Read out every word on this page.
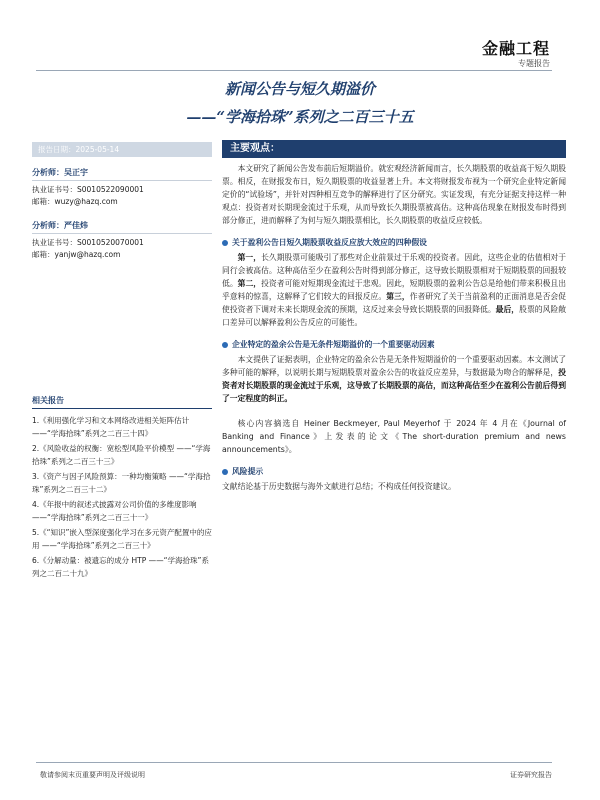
金融工程
专题报告
新闻公告与短久期溢价
——“学海拾珠”系列之二百三十五
报告日期：2025-05-14
分析师：吴正宇
执业证书号：S0010522090001
邮箱：wuzy@hazq.com
分析师：严佳炜
执业证书号：S0010520070001
邮箱：yanjw@hazq.com
相关报告
1.《利用强化学习和文本网络改进相关矩阵估计——“学海拾珠”系列之二百三十四》
2.《风险收益的权衡：宽松型风险平价模型 ——“学海拾珠”系列之二百三十三》
3.《资产与因子风险预算：一种均衡策略 ——“学海拾珠”系列之二百三十二》
4.《年报中的叙述式披露对公司价值的多维度影响 ——“学海拾珠”系列之二百三十一》
5.《“知识”嵌入型深度强化学习在多元资产配置中的应用 ——“学海拾珠”系列之二百三十》
6.《分解动量：被遗忘的成分 HTP ——“学海拾珠”系列之二百二十九》
主要观点：
本文研究了新闻公告发布前后短期溢价。就宏观经济新闻而言，长久期股票的收益高于短久期股票。相反，在财报发布日，短久期股票的收益显著上升。本文将财报发布视为一个研究企业特定新闻定价的“试验场”，并针对四种相互竞争的解释进行了区分研究。实证发现，有充分证据支持这样一种观点：投资者对长期现金流过于乐观，从而导致长久期股票被高估。这种高估现象在财报发布时得到部分修正，进而解释了为何与短久期股票相比，长久期股票的收益反应较低。
关于盈利公告日短久期股票收益反应放大效应的四种假设
第一，长久期股票可能吸引了那些对企业前景过于乐观的投资者。因此，这些企业的估值相对于同行会被高估。这种高估至少在盈利公告时得到部分修正，这导致长期股票相对于短期股票的回报较低。第二，投资者可能对短期现金流过于悲观。因此，短期股票的盈利公告总是给他们带来积极且出乎意料的惊喜，这解释了它们较大的回报反应。第三，作者研究了关于当前盈利的正面消息是否会促使投资者下调对未来长期现金流的预期，这反过来会导致长期股票的回报降低。最后，股票的风险敞口差异可以解释盈利公告反应的可能性。
企业特定的盈余公告是无条件短期溢价的一个重要驱动因素
本文提供了证据表明，企业特定的盈余公告是无条件短期溢价的一个重要驱动因素。本文测试了多种可能的解释，以说明长期与短期股票对盈余公告的收益反应差异，与数据最为吻合的解释是，投资者对长期股票的现金流过于乐观，这导致了长期股票的高估，而这种高估至少在盈利公告前后得到了一定程度的纠正。
核心内容摘选自 Heiner Beckmeyer, Paul Meyerhof 于 2024 年 4 月在《Journal of Banking and Finance》上发表的论文《The short-duration premium and news announcements》。
风险提示
文献结论基于历史数据与海外文献进行总结；不构成任何投资建议。
敬请参阅末页重要声明及评级说明	证券研究报告
